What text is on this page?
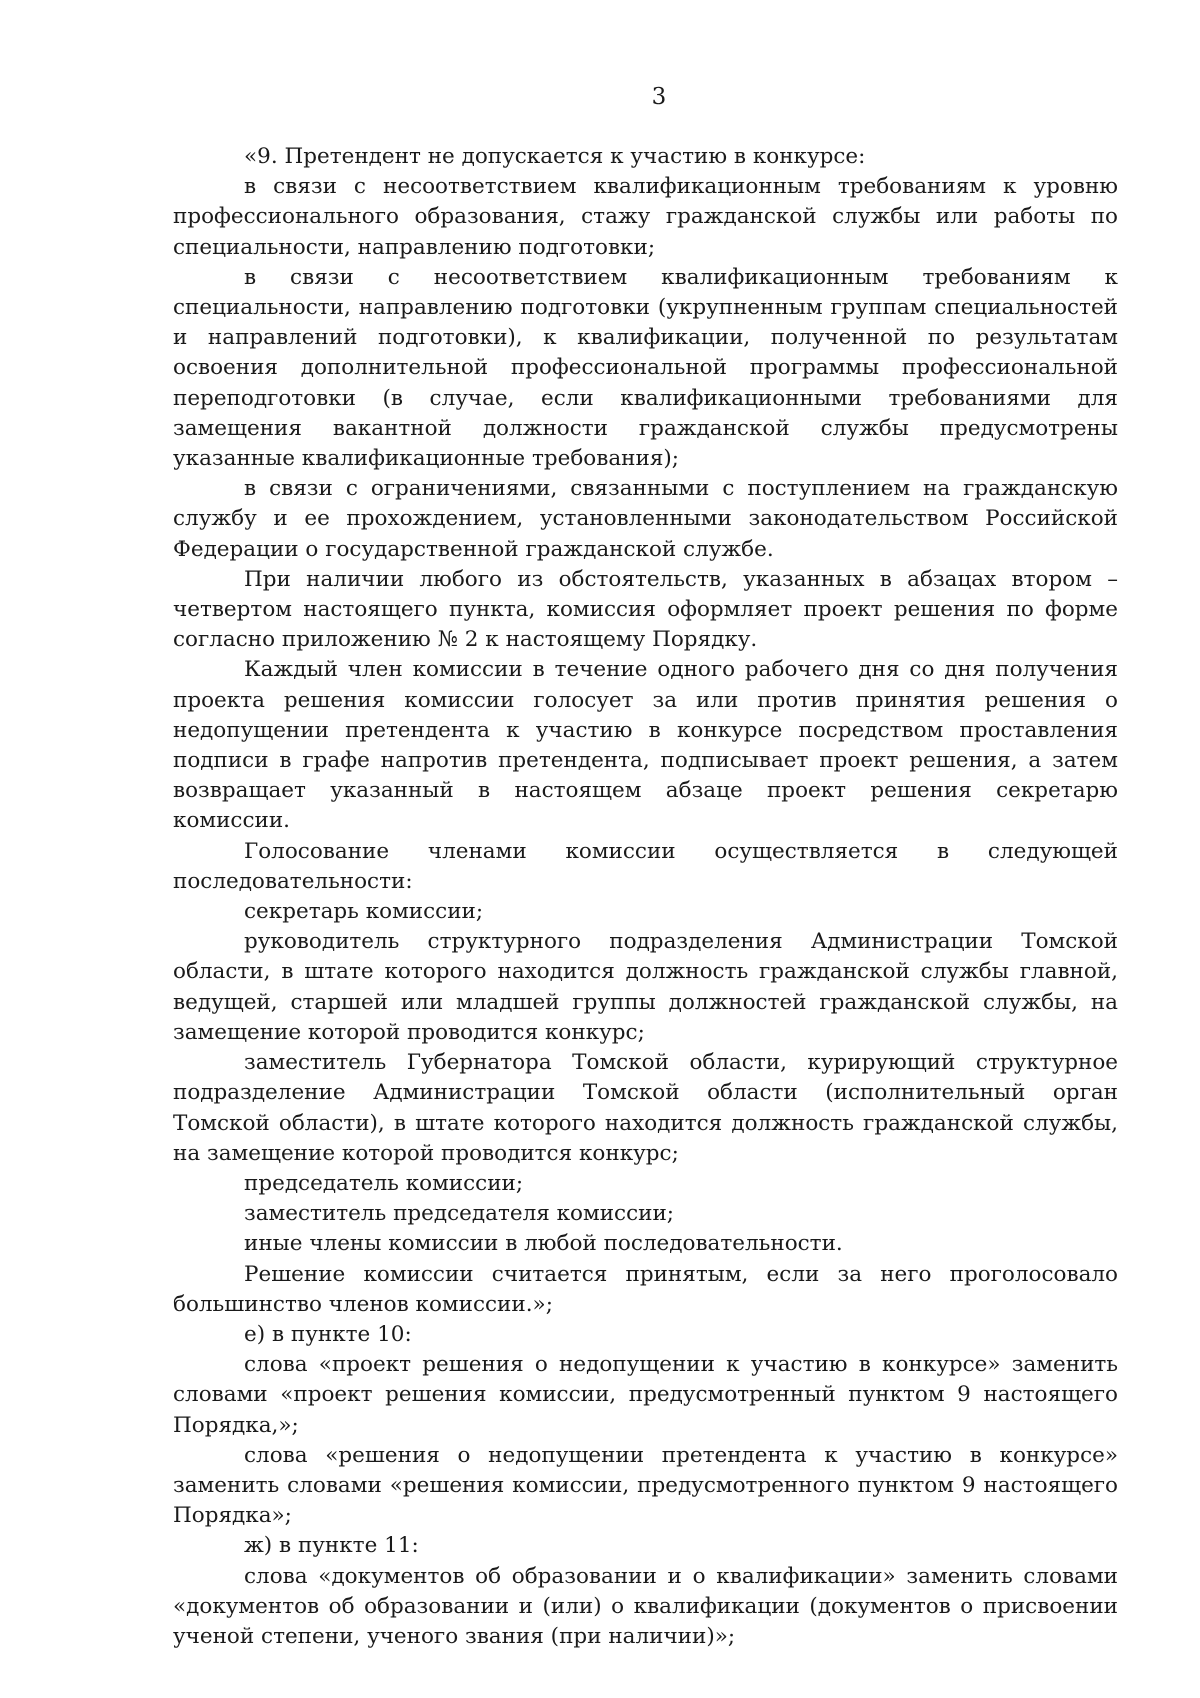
3

«9. Претендент не допускается к участию в конкурсе:

в связи с несоответствием квалификационным требованиям к уровню профессионального образования, стажу гражданской службы или работы по специальности, направлению подготовки;

в связи с несоответствием квалификационным требованиям к специальности, направлению подготовки (укрупненным группам специальностей и направлений подготовки), к квалификации, полученной по результатам освоения дополнительной профессиональной программы профессиональной переподготовки (в случае, если квалификационными требованиями для замещения вакантной должности гражданской службы предусмотрены указанные квалификационные требования);

в связи с ограничениями, связанными с поступлением на гражданскую службу и ее прохождением, установленными законодательством Российской Федерации о государственной гражданской службе.

При наличии любого из обстоятельств, указанных в абзацах втором – четвертом настоящего пункта, комиссия оформляет проект решения по форме согласно приложению № 2 к настоящему Порядку.

Каждый член комиссии в течение одного рабочего дня со дня получения проекта решения комиссии голосует за или против принятия решения о недопущении претендента к участию в конкурсе посредством проставления подписи в графе напротив претендента, подписывает проект решения, а затем возвращает указанный в настоящем абзаце проект решения секретарю комиссии.

Голосование членами комиссии осуществляется в следующей последовательности:

секретарь комиссии;

руководитель структурного подразделения Администрации Томской области, в штате которого находится должность гражданской службы главной, ведущей, старшей или младшей группы должностей гражданской службы, на замещение которой проводится конкурс;

заместитель Губернатора Томской области, курирующий структурное подразделение Администрации Томской области (исполнительный орган Томской области), в штате которого находится должность гражданской службы, на замещение которой проводится конкурс;

председатель комиссии;

заместитель председателя комиссии;

иные члены комиссии в любой последовательности.

Решение комиссии считается принятым, если за него проголосовало большинство членов комиссии.»;

е) в пункте 10:

слова «проект решения о недопущении к участию в конкурсе» заменить словами «проект решения комиссии, предусмотренный пунктом 9 настоящего Порядка,»;

слова «решения о недопущении претендента к участию в конкурсе» заменить словами «решения комиссии, предусмотренного пунктом 9 настоящего Порядка»;

ж) в пункте 11:

слова «документов об образовании и о квалификации» заменить словами «документов об образовании и (или) о квалификации (документов о присвоении ученой степени, ученого звания (при наличии)»;
